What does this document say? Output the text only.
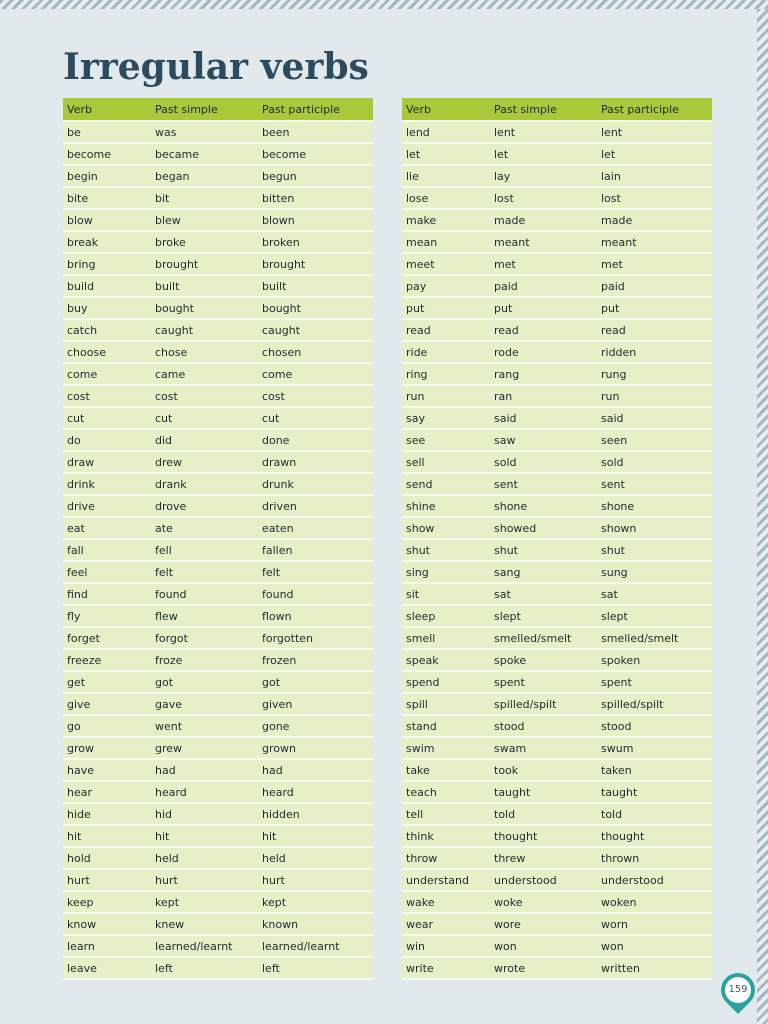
Irregular verbs
Verb	Past simple	Past participle
be	was	been
become	became	become
begin	began	begun
bite	bit	bitten
blow	blew	blown
break	broke	broken
bring	brought	brought
build	built	built
buy	bought	bought
catch	caught	caught
choose	chose	chosen
come	came	come
cost	cost	cost
cut	cut	cut
do	did	done
draw	drew	drawn
drink	drank	drunk
drive	drove	driven
eat	ate	eaten
fall	fell	fallen
feel	felt	felt
find	found	found
fly	flew	flown
forget	forgot	forgotten
freeze	froze	frozen
get	got	got
give	gave	given
go	went	gone
grow	grew	grown
have	had	had
hear	heard	heard
hide	hid	hidden
hit	hit	hit
hold	held	held
hurt	hurt	hurt
keep	kept	kept
know	knew	known
learn	learned/learnt	learned/learnt
leave	left	left
Verb	Past simple	Past participle
lend	lent	lent
let	let	let
lie	lay	lain
lose	lost	lost
make	made	made
mean	meant	meant
meet	met	met
pay	paid	paid
put	put	put
read	read	read
ride	rode	ridden
ring	rang	rung
run	ran	run
say	said	said
see	saw	seen
sell	sold	sold
send	sent	sent
shine	shone	shone
show	showed	shown
shut	shut	shut
sing	sang	sung
sit	sat	sat
sleep	slept	slept
smell	smelled/smelt	smelled/smelt
speak	spoke	spoken
spend	spent	spent
spill	spilled/spilt	spilled/spilt
stand	stood	stood
swim	swam	swum
take	took	taken
teach	taught	taught
tell	told	told
think	thought	thought
throw	threw	thrown
understand	understood	understood
wake	woke	woken
wear	wore	worn
win	won	won
write	wrote	written
159
